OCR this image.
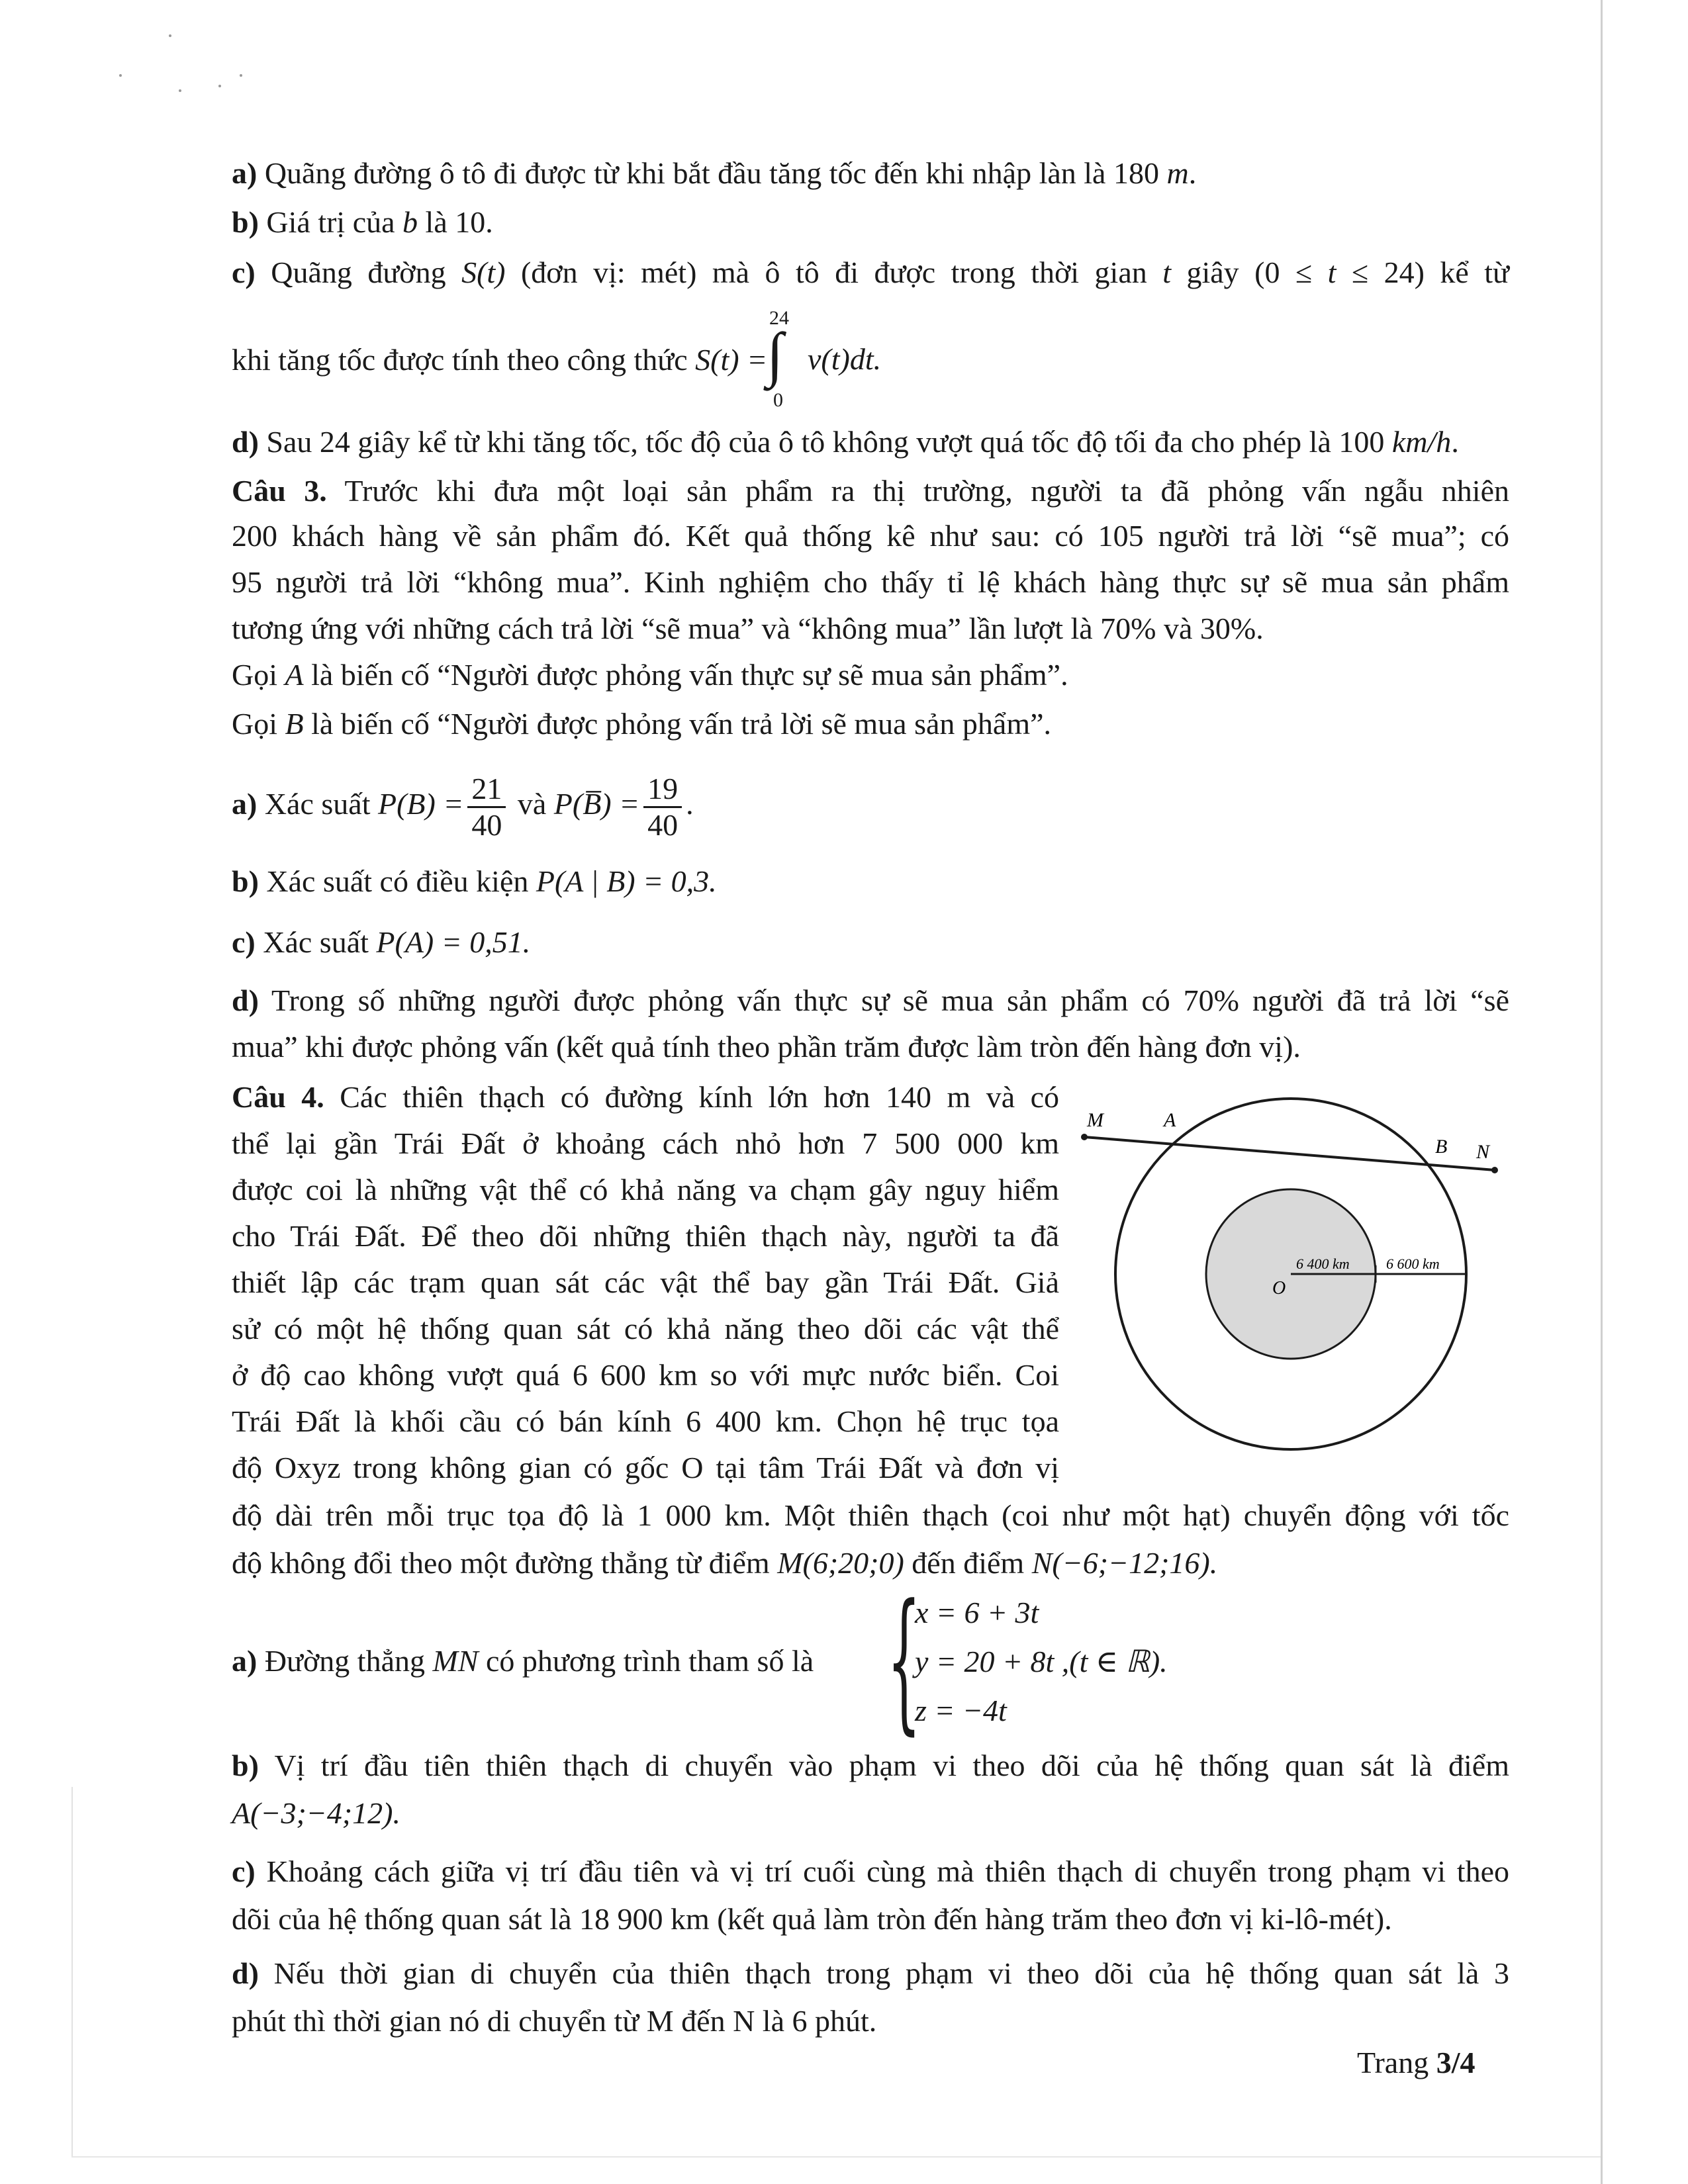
a) Quãng đường ô tô đi được từ khi bắt đầu tăng tốc đến khi nhập làn là 180 m.
b) Giá trị của b là 10.
c) Quãng đường S(t) (đơn vị: mét) mà ô tô đi được trong thời gian t giây (0 ≤ t ≤ 24) kể từ
khi tăng tốc được tính theo công thức S(t) =
24
∫
0
v(t)dt.
d) Sau 24 giây kể từ khi tăng tốc, tốc độ của ô tô không vượt quá tốc độ tối đa cho phép là 100 km/h.
Câu 3. Trước khi đưa một loại sản phẩm ra thị trường, người ta đã phỏng vấn ngẫu nhiên
200 khách hàng về sản phẩm đó. Kết quả thống kê như sau: có 105 người trả lời “sẽ mua”; có
95 người trả lời “không mua”. Kinh nghiệm cho thấy tỉ lệ khách hàng thực sự sẽ mua sản phẩm
tương ứng với những cách trả lời “sẽ mua” và “không mua” lần lượt là 70% và 30%.
Gọi A là biến cố “Người được phỏng vấn thực sự sẽ mua sản phẩm”.
Gọi B là biến cố “Người được phỏng vấn trả lời sẽ mua sản phẩm”.
a) Xác suất $P(B) = \frac{21}{40}$ và P(B̅) = $\frac{19}{40}$ .
b) Xác suất có điều kiện P(A | B) = 0,3.
c) Xác suất P(A) = 0,51.
d) Trong số những người được phỏng vấn thực sự sẽ mua sản phẩm có 70% người đã trả lời “sẽ
mua” khi được phỏng vấn (kết quả tính theo phần trăm được làm tròn đến hàng đơn vị).
Câu 4. Các thiên thạch có đường kính lớn hơn 140 m và có
thể lại gần Trái Đất ở khoảng cách nhỏ hơn 7 500 000 km
được coi là những vật thể có khả năng va chạm gây nguy hiểm
cho Trái Đất. Để theo dõi những thiên thạch này, người ta đã
thiết lập các trạm quan sát các vật thể bay gần Trái Đất. Giả
sử có một hệ thống quan sát có khả năng theo dõi các vật thể
ở độ cao không vượt quá 6 600 km so với mực nước biển. Coi
Trái Đất là khối cầu có bán kính 6 400 km. Chọn hệ trục tọa
độ Oxyz trong không gian có gốc O tại tâm Trái Đất và đơn vị
độ dài trên mỗi trục tọa độ là 1 000 km. Một thiên thạch (coi như một hạt) chuyển động với tốc
độ không đổi theo một đường thẳng từ điểm M(6;20;0) đến điểm N(−6;−12;16).
a) Đường thẳng MN có phương trình tham số là {
x = 6 + 3t
y = 20 + 8t ,(t ∈ ℝ).
z = −4t
b) Vị trí đầu tiên thiên thạch di chuyển vào phạm vi theo dõi của hệ thống quan sát là điểm
A(−3;−4;12).
c) Khoảng cách giữa vị trí đầu tiên và vị trí cuối cùng mà thiên thạch di chuyển trong phạm vi theo
dõi của hệ thống quan sát là 18 900 km (kết quả làm tròn đến hàng trăm theo đơn vị ki-lô-mét).
d) Nếu thời gian di chuyển của thiên thạch trong phạm vi theo dõi của hệ thống quan sát là 3
phút thì thời gian nó di chuyển từ M đến N là 6 phút.
M	A
B N
O
6 400 km	6 600 km
Trang 3/4
